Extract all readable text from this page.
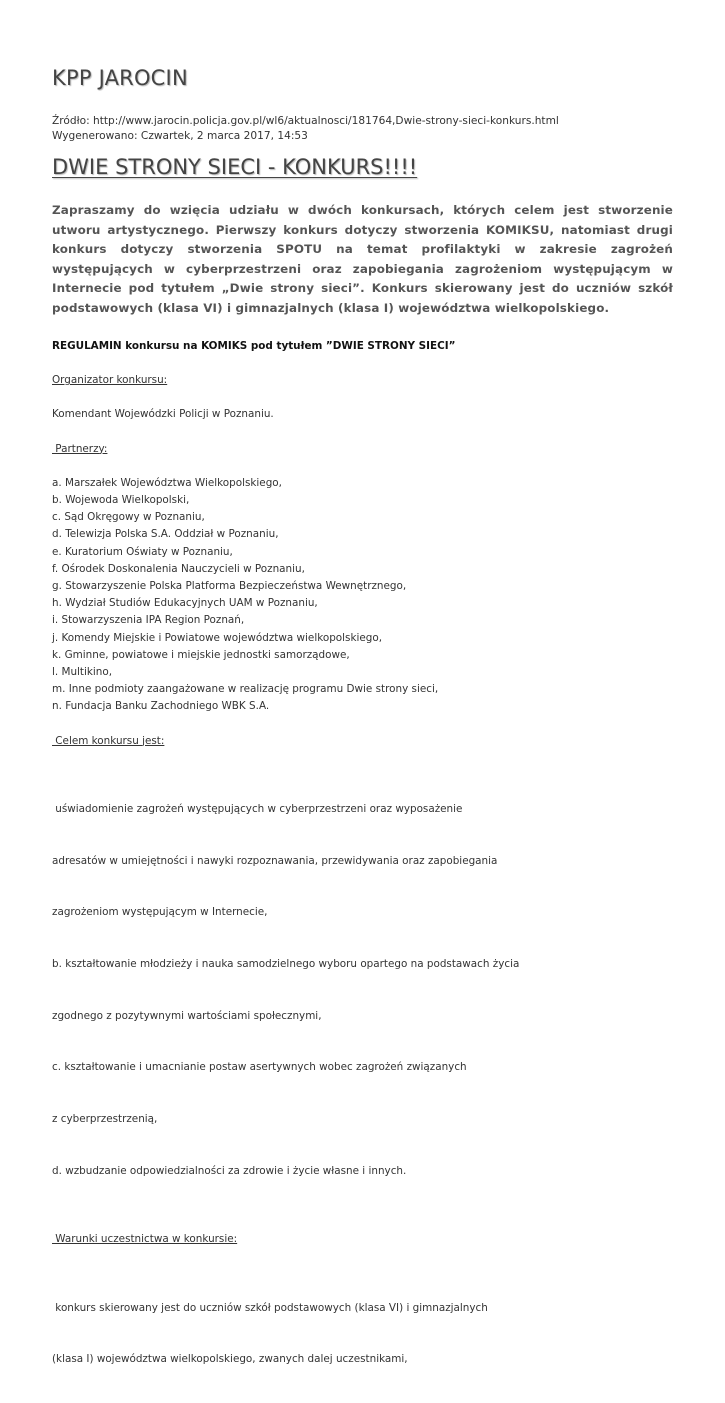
KPP JAROCIN
Źródło: http://www.jarocin.policja.gov.pl/wl6/aktualnosci/181764,Dwie-strony-sieci-konkurs.html
Wygenerowano: Czwartek, 2 marca 2017, 14:53
DWIE STRONY SIECI - KONKURS!!!!

Zapraszamy do wzięcia udziału w dwóch konkursach, których celem jest stworzenie utworu artystycznego. Pierwszy konkurs dotyczy stworzenia KOMIKSU, natomiast drugi konkurs dotyczy stworzenia SPOTU na temat profilaktyki w zakresie zagrożeń występujących w cyberprzestrzeni oraz zapobiegania zagrożeniom występującym w Internecie pod tytułem „Dwie strony sieci”. Konkurs skierowany jest do uczniów szkół podstawowych (klasa VI) i gimnazjalnych (klasa I) województwa wielkopolskiego.

REGULAMIN konkursu na KOMIKS pod tytułem ”DWIE STRONY SIECI”

Organizator konkursu:

Komendant Wojewódzki Policji w Poznaniu.

Partnerzy:

a. Marszałek Województwa Wielkopolskiego,
b. Wojewoda Wielkopolski,
c. Sąd Okręgowy w Poznaniu,
d. Telewizja Polska S.A. Oddział w Poznaniu,
e. Kuratorium Oświaty w Poznaniu,
f. Ośrodek Doskonalenia Nauczycieli w Poznaniu,
g. Stowarzyszenie Polska Platforma Bezpieczeństwa Wewnętrznego,
h. Wydział Studiów Edukacyjnych UAM w Poznaniu,
i. Stowarzyszenia IPA Region Poznań,
j. Komendy Miejskie i Powiatowe województwa wielkopolskiego,
k. Gminne, powiatowe i miejskie jednostki samorządowe,
l. Multikino,
m. Inne podmioty zaangażowane w realizację programu Dwie strony sieci,
n. Fundacja Banku Zachodniego WBK S.A.

Celem konkursu jest:

uświadomienie zagrożeń występujących w cyberprzestrzeni oraz wyposażenie

adresatów w umiejętności i nawyki rozpoznawania, przewidywania oraz zapobiegania

zagrożeniom występującym w Internecie,

b. kształtowanie młodzieży i nauka samodzielnego wyboru opartego na podstawach życia

zgodnego z pozytywnymi wartościami społecznymi,

c. kształtowanie i umacnianie postaw asertywnych wobec zagrożeń związanych

z cyberprzestrzenią,

d. wzbudzanie odpowiedzialności za zdrowie i życie własne i innych.

Warunki uczestnictwa w konkursie:

konkurs skierowany jest do uczniów szkół podstawowych (klasa VI) i gimnazjalnych

(klasa I) województwa wielkopolskiego, zwanych dalej uczestnikami,
